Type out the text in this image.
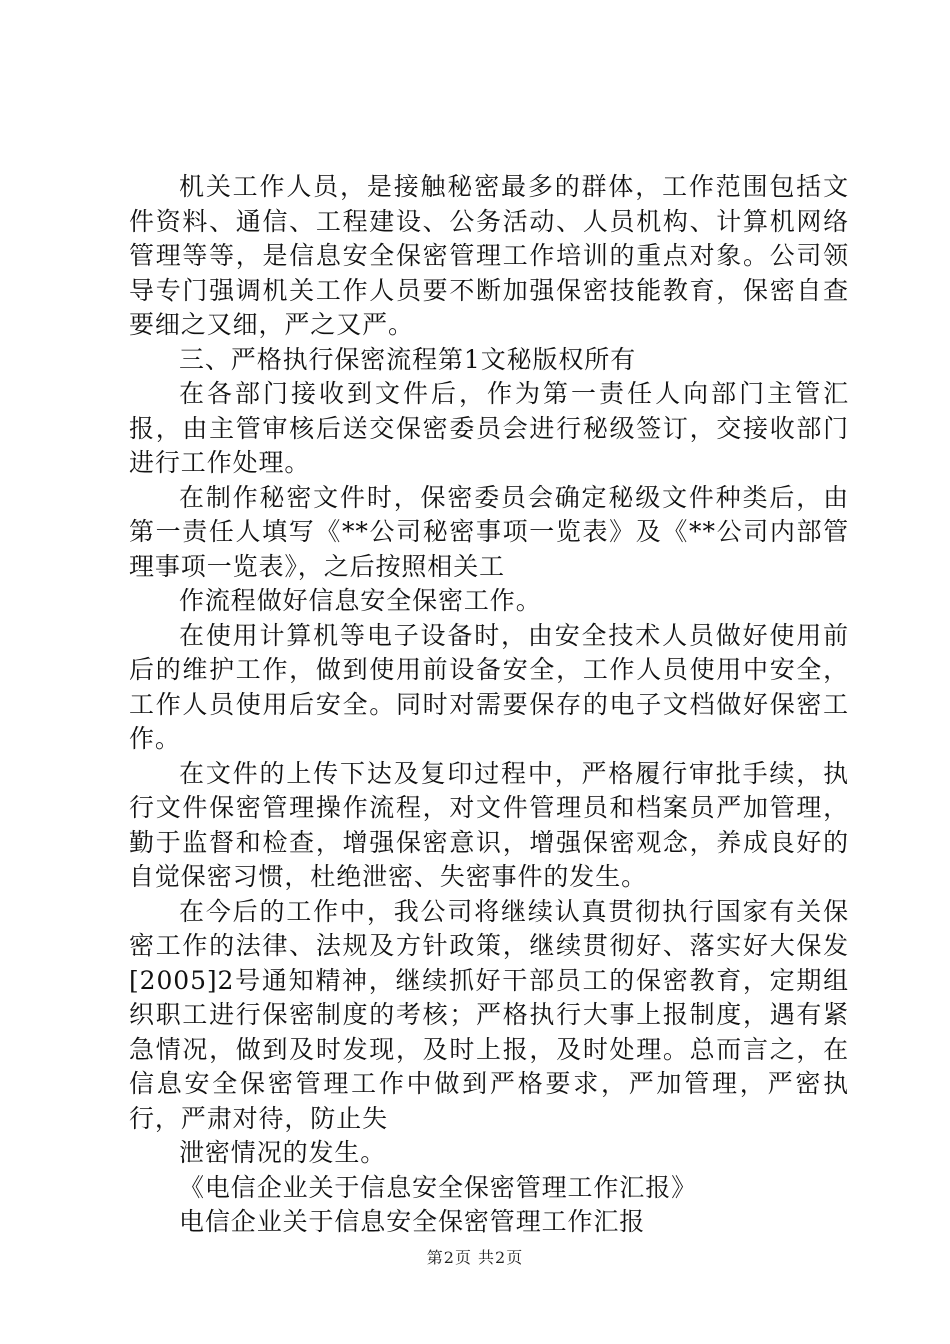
机关工作人员，是接触秘密最多的群体，工作范围包括文件资料、通信、工程建设、公务活动、人员机构、计算机网络管理等等，是信息安全保密管理工作培训的重点对象。公司领导专门强调机关工作人员要不断加强保密技能教育，保密自查要细之又细，严之又严。

三、严格执行保密流程第1文秘版权所有

在各部门接收到文件后，作为第一责任人向部门主管汇报，由主管审核后送交保密委员会进行秘级签订，交接收部门进行工作处理。

在制作秘密文件时，保密委员会确定秘级文件种类后，由第一责任人填写《**公司秘密事项一览表》及《**公司内部管理事项一览表》，之后按照相关工

作流程做好信息安全保密工作。

在使用计算机等电子设备时，由安全技术人员做好使用前后的维护工作，做到使用前设备安全，工作人员使用中安全，工作人员使用后安全。同时对需要保存的电子文档做好保密工作。

在文件的上传下达及复印过程中，严格履行审批手续，执行文件保密管理操作流程，对文件管理员和档案员严加管理，勤于监督和检查，增强保密意识，增强保密观念，养成良好的自觉保密习惯，杜绝泄密、失密事件的发生。

在今后的工作中，我公司将继续认真贯彻执行国家有关保密工作的法律、法规及方针政策，继续贯彻好、落实好大保发[2005]2号通知精神，继续抓好干部员工的保密教育，定期组织职工进行保密制度的考核；严格执行大事上报制度，遇有紧急情况，做到及时发现，及时上报，及时处理。总而言之，在信息安全保密管理工作中做到严格要求，严加管理，严密执行，严肃对待，防止失

泄密情况的发生。

《电信企业关于信息安全保密管理工作汇报》

电信企业关于信息安全保密管理工作汇报

第2页 共2页
